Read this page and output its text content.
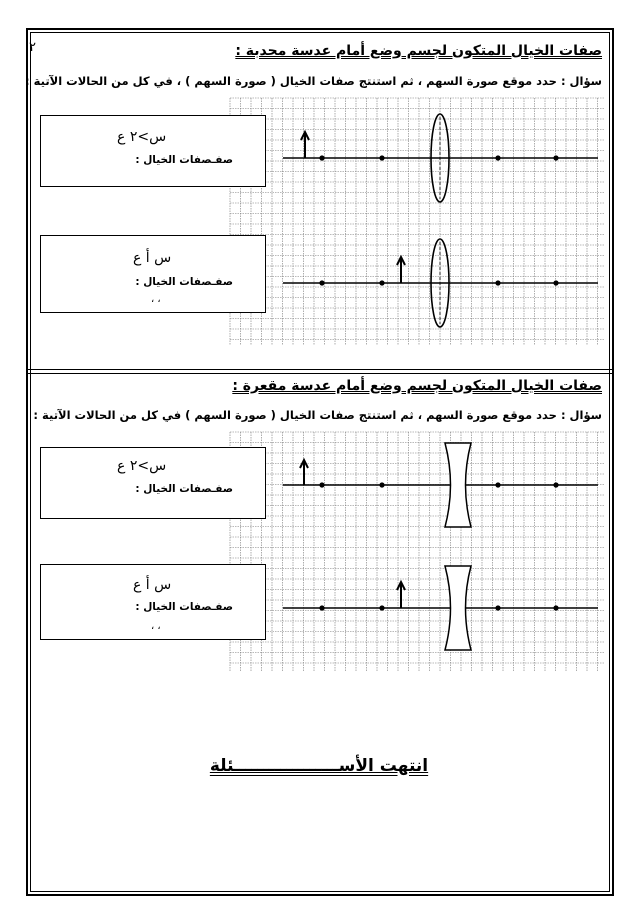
٢	صفات الخيال المتكون لجسم وضع أمام عدسة محدبة :
سؤال : حدد موقع صورة السهم ، ثم استنتج صفات الخيال ( صورة السهم ) ، في كل من الحالات الآتية :
س>٢ ع
صفـصفات الخيال :
س أ ع
صفـصفات الخيال :
، ،
صفات الخيال المتكون لجسم وضع أمام عدسة مقعرة :
سؤال : حدد موقع صورة السهم ، ثم استنتج صفات الخيال ( صورة السهم ) في كل من الحالات الآتية :
س>٢ ع
صفـصفات الخيال :
س أ ع
صفـصفات الخيال :
، ،
انتهت الأســــــــــــــــــئلة
